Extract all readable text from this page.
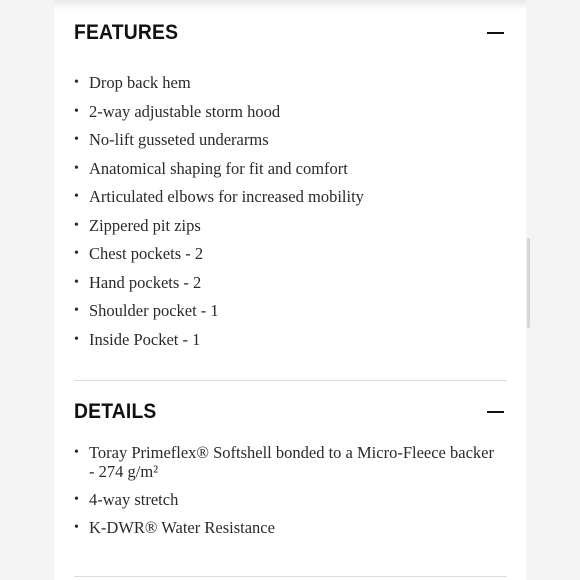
FEATURES
• Drop back hem
• 2-way adjustable storm hood
• No-lift gusseted underarms
• Anatomical shaping for fit and comfort
• Articulated elbows for increased mobility
• Zippered pit zips
• Chest pockets - 2
• Hand pockets - 2
• Shoulder pocket - 1
• Inside Pocket - 1
DETAILS
• Toray Primeflex® Softshell bonded to a Micro-Fleece backer - 274 g/m²
• 4-way stretch
• K-DWR® Water Resistance
